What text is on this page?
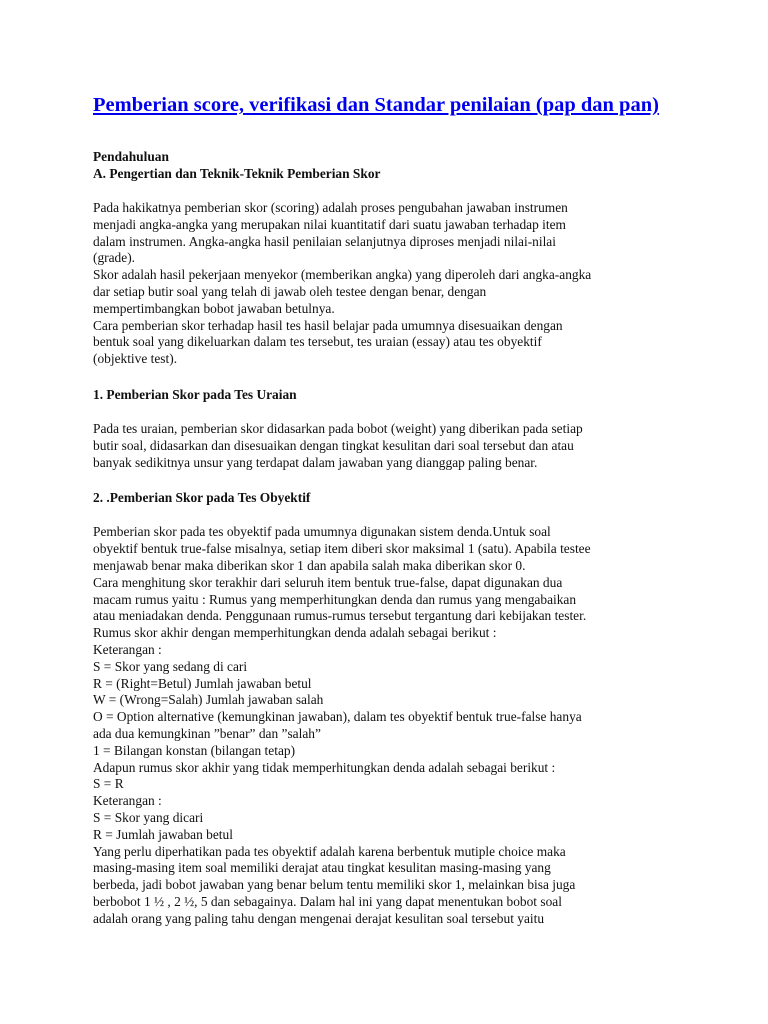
Pemberian score, verifikasi dan Standar penilaian (pap dan pan)
Pendahuluan
A. Pengertian dan Teknik-Teknik Pemberian Skor
Pada hakikatnya pemberian skor (scoring) adalah proses pengubahan jawaban instrumen
menjadi angka-angka yang merupakan nilai kuantitatif dari suatu jawaban terhadap item
dalam instrumen. Angka-angka hasil penilaian selanjutnya diproses menjadi nilai-nilai
(grade).
Skor adalah hasil pekerjaan menyekor (memberikan angka) yang diperoleh dari angka-angka
dar setiap butir soal yang telah di jawab oleh testee dengan benar, dengan
mempertimbangkan bobot jawaban betulnya.
Cara pemberian skor terhadap hasil tes hasil belajar pada umumnya disesuaikan dengan
bentuk soal yang dikeluarkan dalam tes tersebut, tes uraian (essay) atau tes obyektif
(objektive test).
1. Pemberian Skor pada Tes Uraian
Pada tes uraian, pemberian skor didasarkan pada bobot (weight) yang diberikan pada setiap
butir soal, didasarkan dan disesuaikan dengan tingkat kesulitan dari soal tersebut dan atau
banyak sedikitnya unsur yang terdapat dalam jawaban yang dianggap paling benar.
2. .Pemberian Skor pada Tes Obyektif
Pemberian skor pada tes obyektif pada umumnya digunakan sistem denda.Untuk soal
obyektif bentuk true-false misalnya, setiap item diberi skor maksimal 1 (satu). Apabila testee
menjawab benar maka diberikan skor 1 dan apabila salah maka diberikan skor 0.
Cara menghitung skor terakhir dari seluruh item bentuk true-false, dapat digunakan dua
macam rumus yaitu : Rumus yang memperhitungkan denda dan rumus yang mengabaikan
atau meniadakan denda. Penggunaan rumus-rumus tersebut tergantung dari kebijakan tester.
Rumus skor akhir dengan memperhitungkan denda adalah sebagai berikut :
Keterangan :
S = Skor yang sedang di cari
R = (Right=Betul) Jumlah jawaban betul
W = (Wrong=Salah) Jumlah jawaban salah
O = Option alternative (kemungkinan jawaban), dalam tes obyektif bentuk true-false hanya
ada dua kemungkinan ”benar” dan ”salah”
1 = Bilangan konstan (bilangan tetap)
Adapun rumus skor akhir yang tidak memperhitungkan denda adalah sebagai berikut :
S = R
Keterangan :
S = Skor yang dicari
R = Jumlah jawaban betul
Yang perlu diperhatikan pada tes obyektif adalah karena berbentuk mutiple choice maka
masing-masing item soal memiliki derajat atau tingkat kesulitan masing-masing yang
berbeda, jadi bobot jawaban yang benar belum tentu memiliki skor 1, melainkan bisa juga
berbobot 1 ½ , 2 ½, 5 dan sebagainya. Dalam hal ini yang dapat menentukan bobot soal
adalah orang yang paling tahu dengan mengenai derajat kesulitan soal tersebut yaitu
